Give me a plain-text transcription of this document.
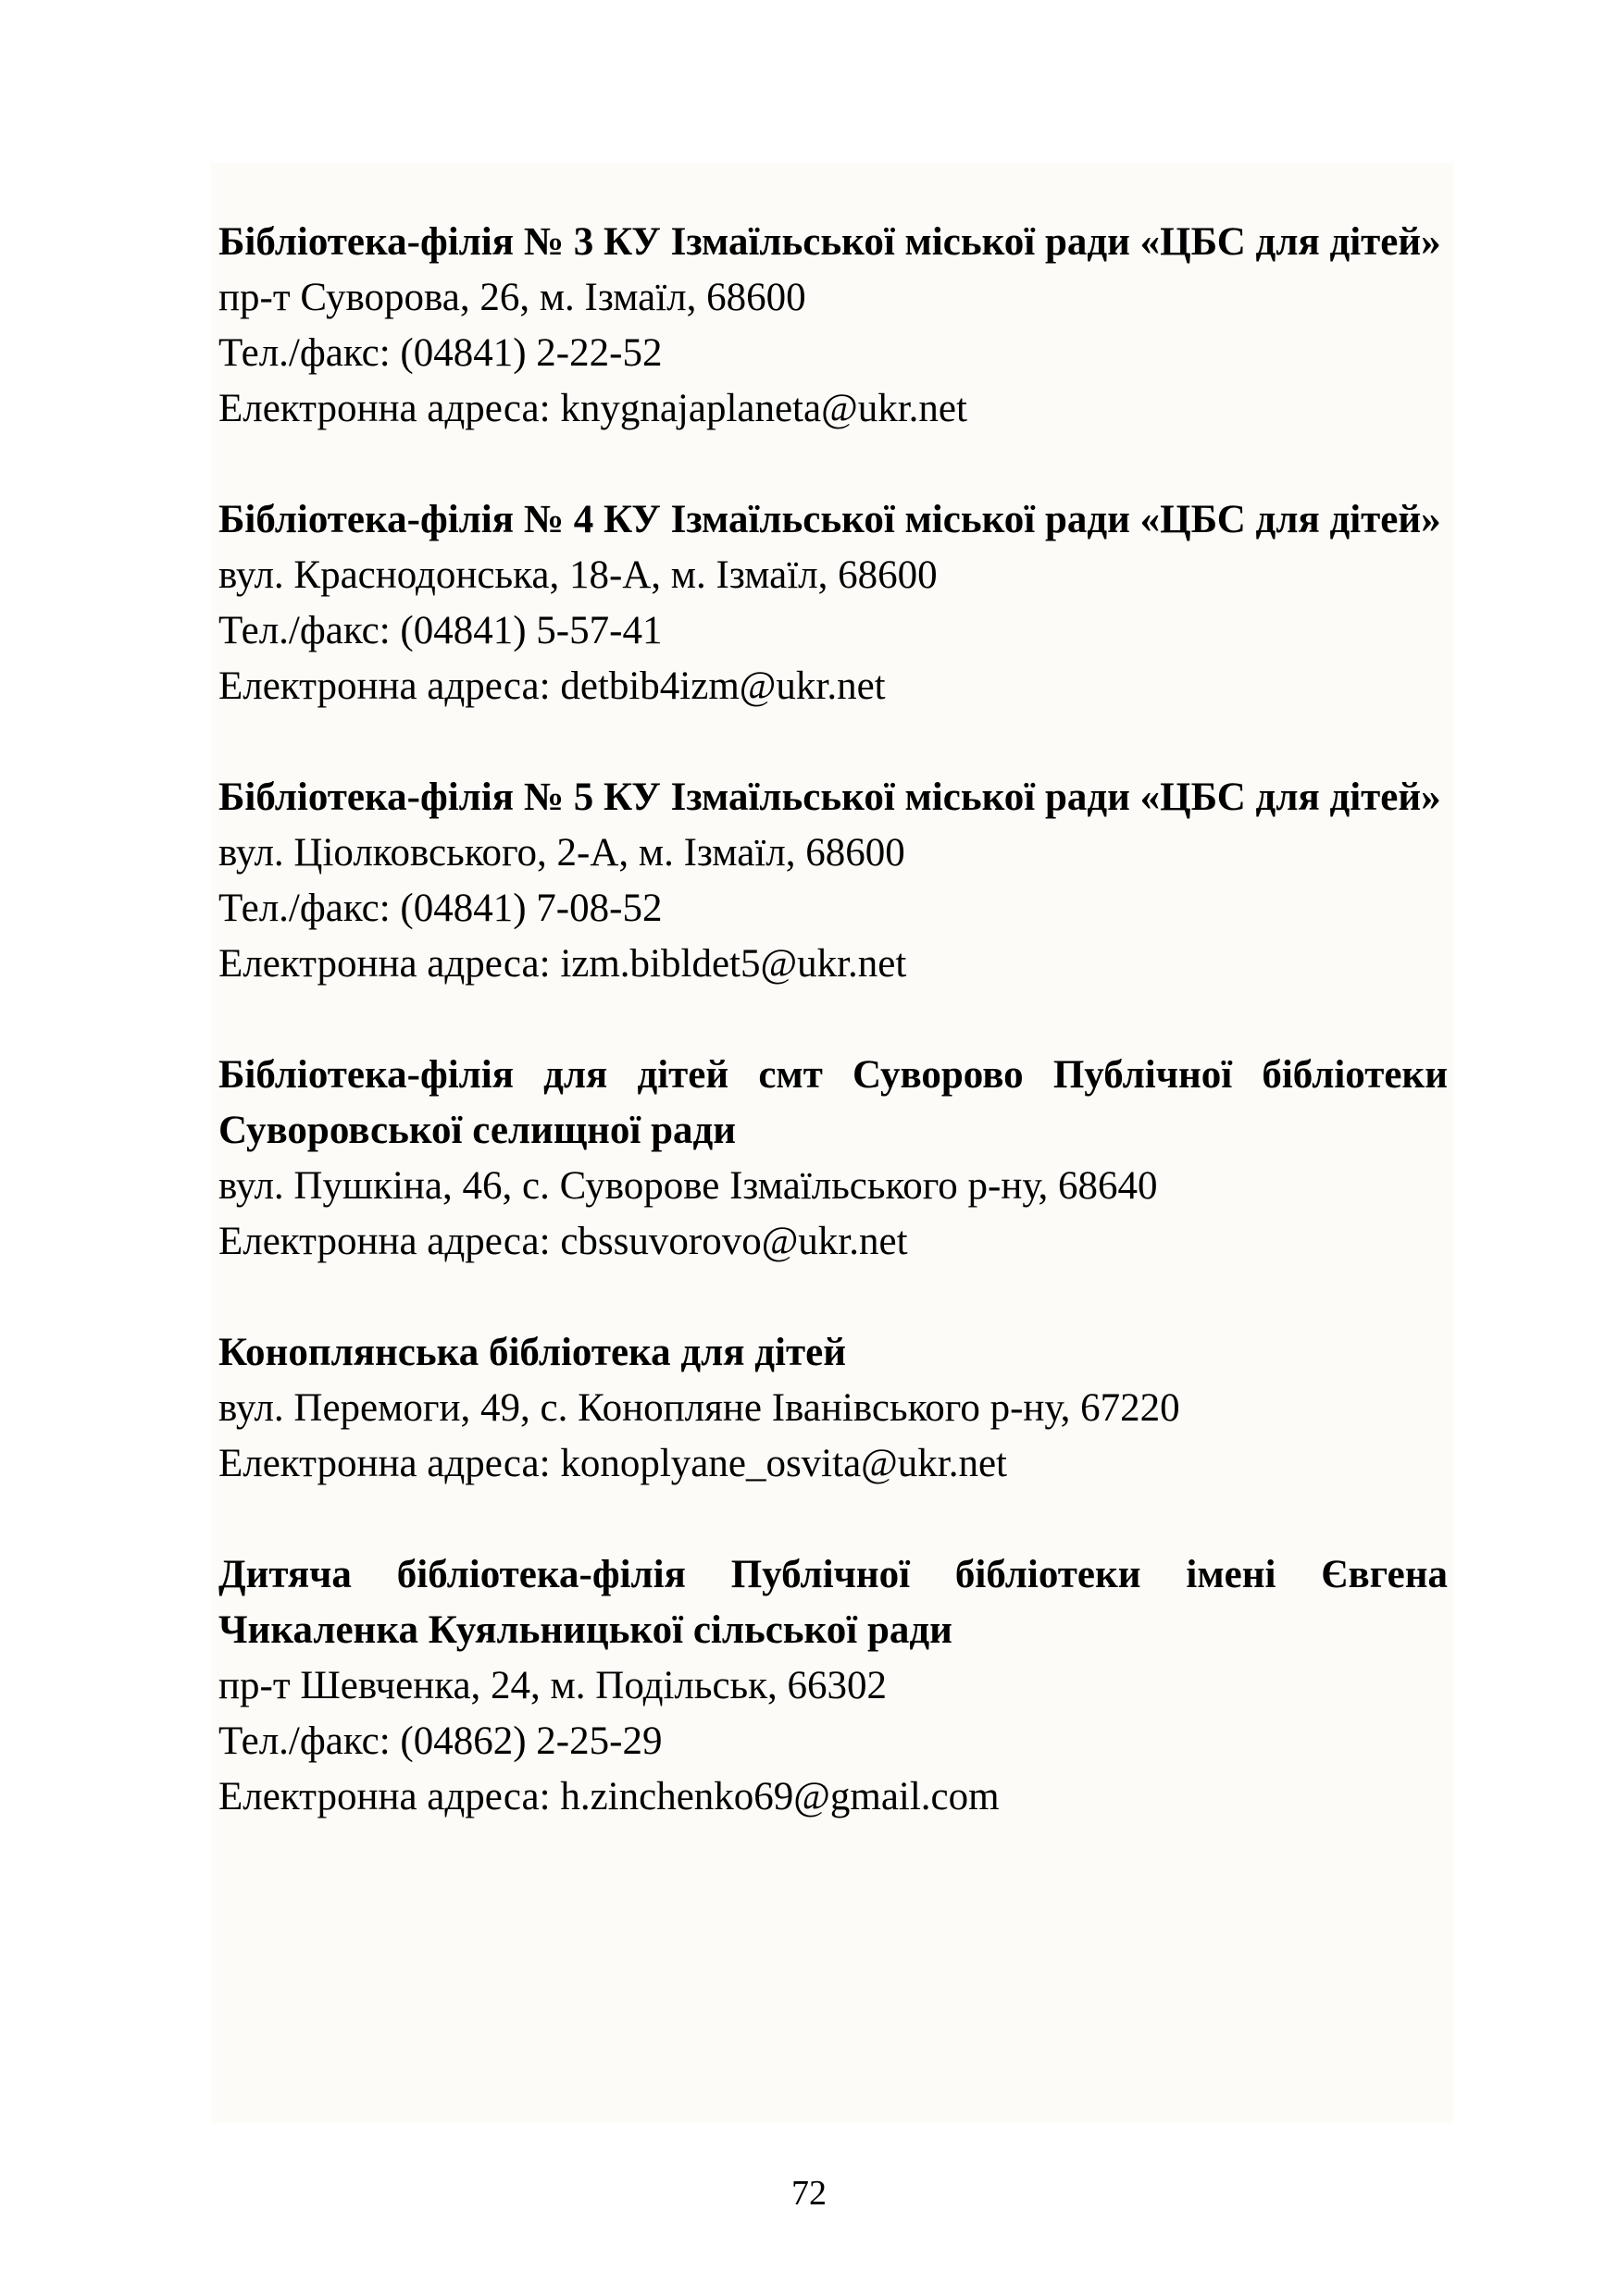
Бібліотека-філія № 3 КУ Ізмаїльської міської ради «ЦБС для дітей»

пр-т Суворова, 26, м. Ізмаїл, 68600

Тел./факс: (04841) 2-22-52

Електронна адреса: knygnajaplaneta@ukr.net

Бібліотека-філія № 4 КУ Ізмаїльської міської ради «ЦБС для дітей»

вул. Краснодонська, 18-А, м. Ізмаїл, 68600

Тел./факс: (04841) 5-57-41

Електронна адреса: detbib4izm@ukr.net

Бібліотека-філія № 5 КУ Ізмаїльської міської ради «ЦБС для дітей»

вул. Ціолковського, 2-А, м. Ізмаїл, 68600

Тел./факс: (04841) 7-08-52

Електронна адреса: izm.bibldet5@ukr.net

Бібліотека-філія для дітей смт Суворово Публічної бібліотеки Суворовської селищної ради

вул. Пушкіна, 46, с. Суворове Ізмаїльського р-ну, 68640

Електронна адреса: cbssuvorovo@ukr.net

Коноплянська бібліотека для дітей

вул. Перемоги, 49, с. Конопляне Іванівського р-ну, 67220

Електронна адреса: konoplyane_osvita@ukr.net

Дитяча бібліотека-філія Публічної бібліотеки імені Євгена Чикаленка Куяльницької сільської ради

пр-т Шевченка, 24, м. Подільськ, 66302

Тел./факс: (04862) 2-25-29

Електронна адреса: h.zinchenko69@gmail.com

72
